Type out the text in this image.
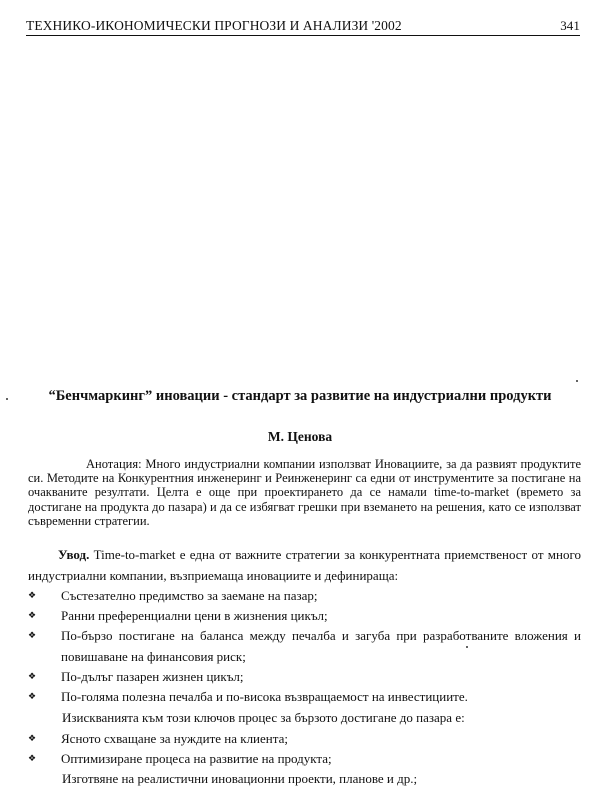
ТЕХНИКО-ИКОНОМИЧЕСКИ ПРОГНОЗИ И АНАЛИЗИ '2002	341
“Бенчмаркинг” иновации - стандарт за развитие на индустриални продукти
М. Ценова

Анотация: Много индустриални компании използват Иновациите, за да развият продуктите си. Методите на Конкурентния инженеринг и Реинженеринг са едни от инструментите за постигане на очакваните резултати. Целта е още при проектирането да се намали time-to-market (времето за достигане на продукта до пазара) и да се избягват грешки при вземането на решения, като се използват съвременни стратегии.

Увод. Time-to-market е една от важните стратегии за конкурентната приемственост от много индустриални компании, възприемаща иновациите и дефинираща:

❖	Състезателно предимство за заемане на пазар;

❖	Ранни преференциални цени в жизнения цикъл;

❖	По-бързо постигане на баланса между печалба и загуба при разработваните вложения и повишаване на финансовия риск;

❖	По-дълъг пазарен жизнен цикъл;

❖	По-голяма полезна печалба и по-висока възвращаемост на инвестициите.

Изискванията към този ключов процес за бързото достигане до пазара е:

❖	Ясното схващане за нуждите на клиента;

❖	Оптимизиране процеса на развитие на продукта;

Изготвяне на реалистични иновационни проекти, планове и др.;
